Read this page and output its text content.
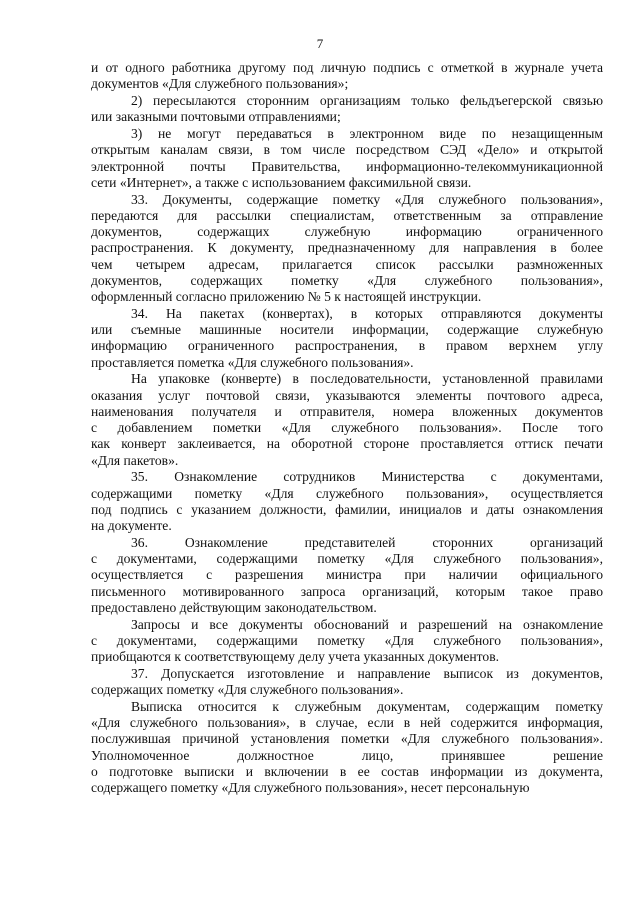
7
и от одного работника другому под личную подпись с отметкой в журнале учета
документов «Для служебного пользования»;
2) пересылаются сторонним организациям только фельдъегерской связью
или заказными почтовыми отправлениями;
3) не могут передаваться в электронном виде по незащищенным
открытым каналам связи, в том числе посредством СЭД «Дело» и открытой
электронной почты Правительства, информационно-телекоммуникационной
сети «Интернет», а также с использованием факсимильной связи.
33. Документы, содержащие пометку «Для служебного пользования»,
передаются для рассылки специалистам, ответственным за отправление
документов, содержащих служебную информацию ограниченного
распространения. К документу, предназначенному для направления в более
чем четырем адресам, прилагается список рассылки размноженных
документов, содержащих пометку «Для служебного пользования»,
оформленный согласно приложению № 5 к настоящей инструкции.
34. На пакетах (конвертах), в которых отправляются документы
или съемные машинные носители информации, содержащие служебную
информацию ограниченного распространения, в правом верхнем углу
проставляется пометка «Для служебного пользования».
На упаковке (конверте) в последовательности, установленной правилами
оказания услуг почтовой связи, указываются элементы почтового адреса,
наименования получателя и отправителя, номера вложенных документов
с добавлением пометки «Для служебного пользования». После того
как конверт заклеивается, на оборотной стороне проставляется оттиск печати
«Для пакетов».
35. Ознакомление сотрудников Министерства с документами,
содержащими пометку «Для служебного пользования», осуществляется
под подпись с указанием должности, фамилии, инициалов и даты ознакомления
на документе.
36. Ознакомление представителей сторонних организаций
с документами, содержащими пометку «Для служебного пользования»,
осуществляется с разрешения министра при наличии официального
письменного мотивированного запроса организаций, которым такое право
предоставлено действующим законодательством.
Запросы и все документы обоснований и разрешений на ознакомление
с документами, содержащими пометку «Для служебного пользования»,
приобщаются к соответствующему делу учета указанных документов.
37. Допускается изготовление и направление выписок из документов,
содержащих пометку «Для служебного пользования».
Выписка относится к служебным документам, содержащим пометку
«Для служебного пользования», в случае, если в ней содержится информация,
послужившая причиной установления пометки «Для служебного пользования».
Уполномоченное должностное лицо, принявшее решение
о подготовке выписки и включении в ее состав информации из документа,
содержащего пометку «Для служебного пользования», несет персональную
